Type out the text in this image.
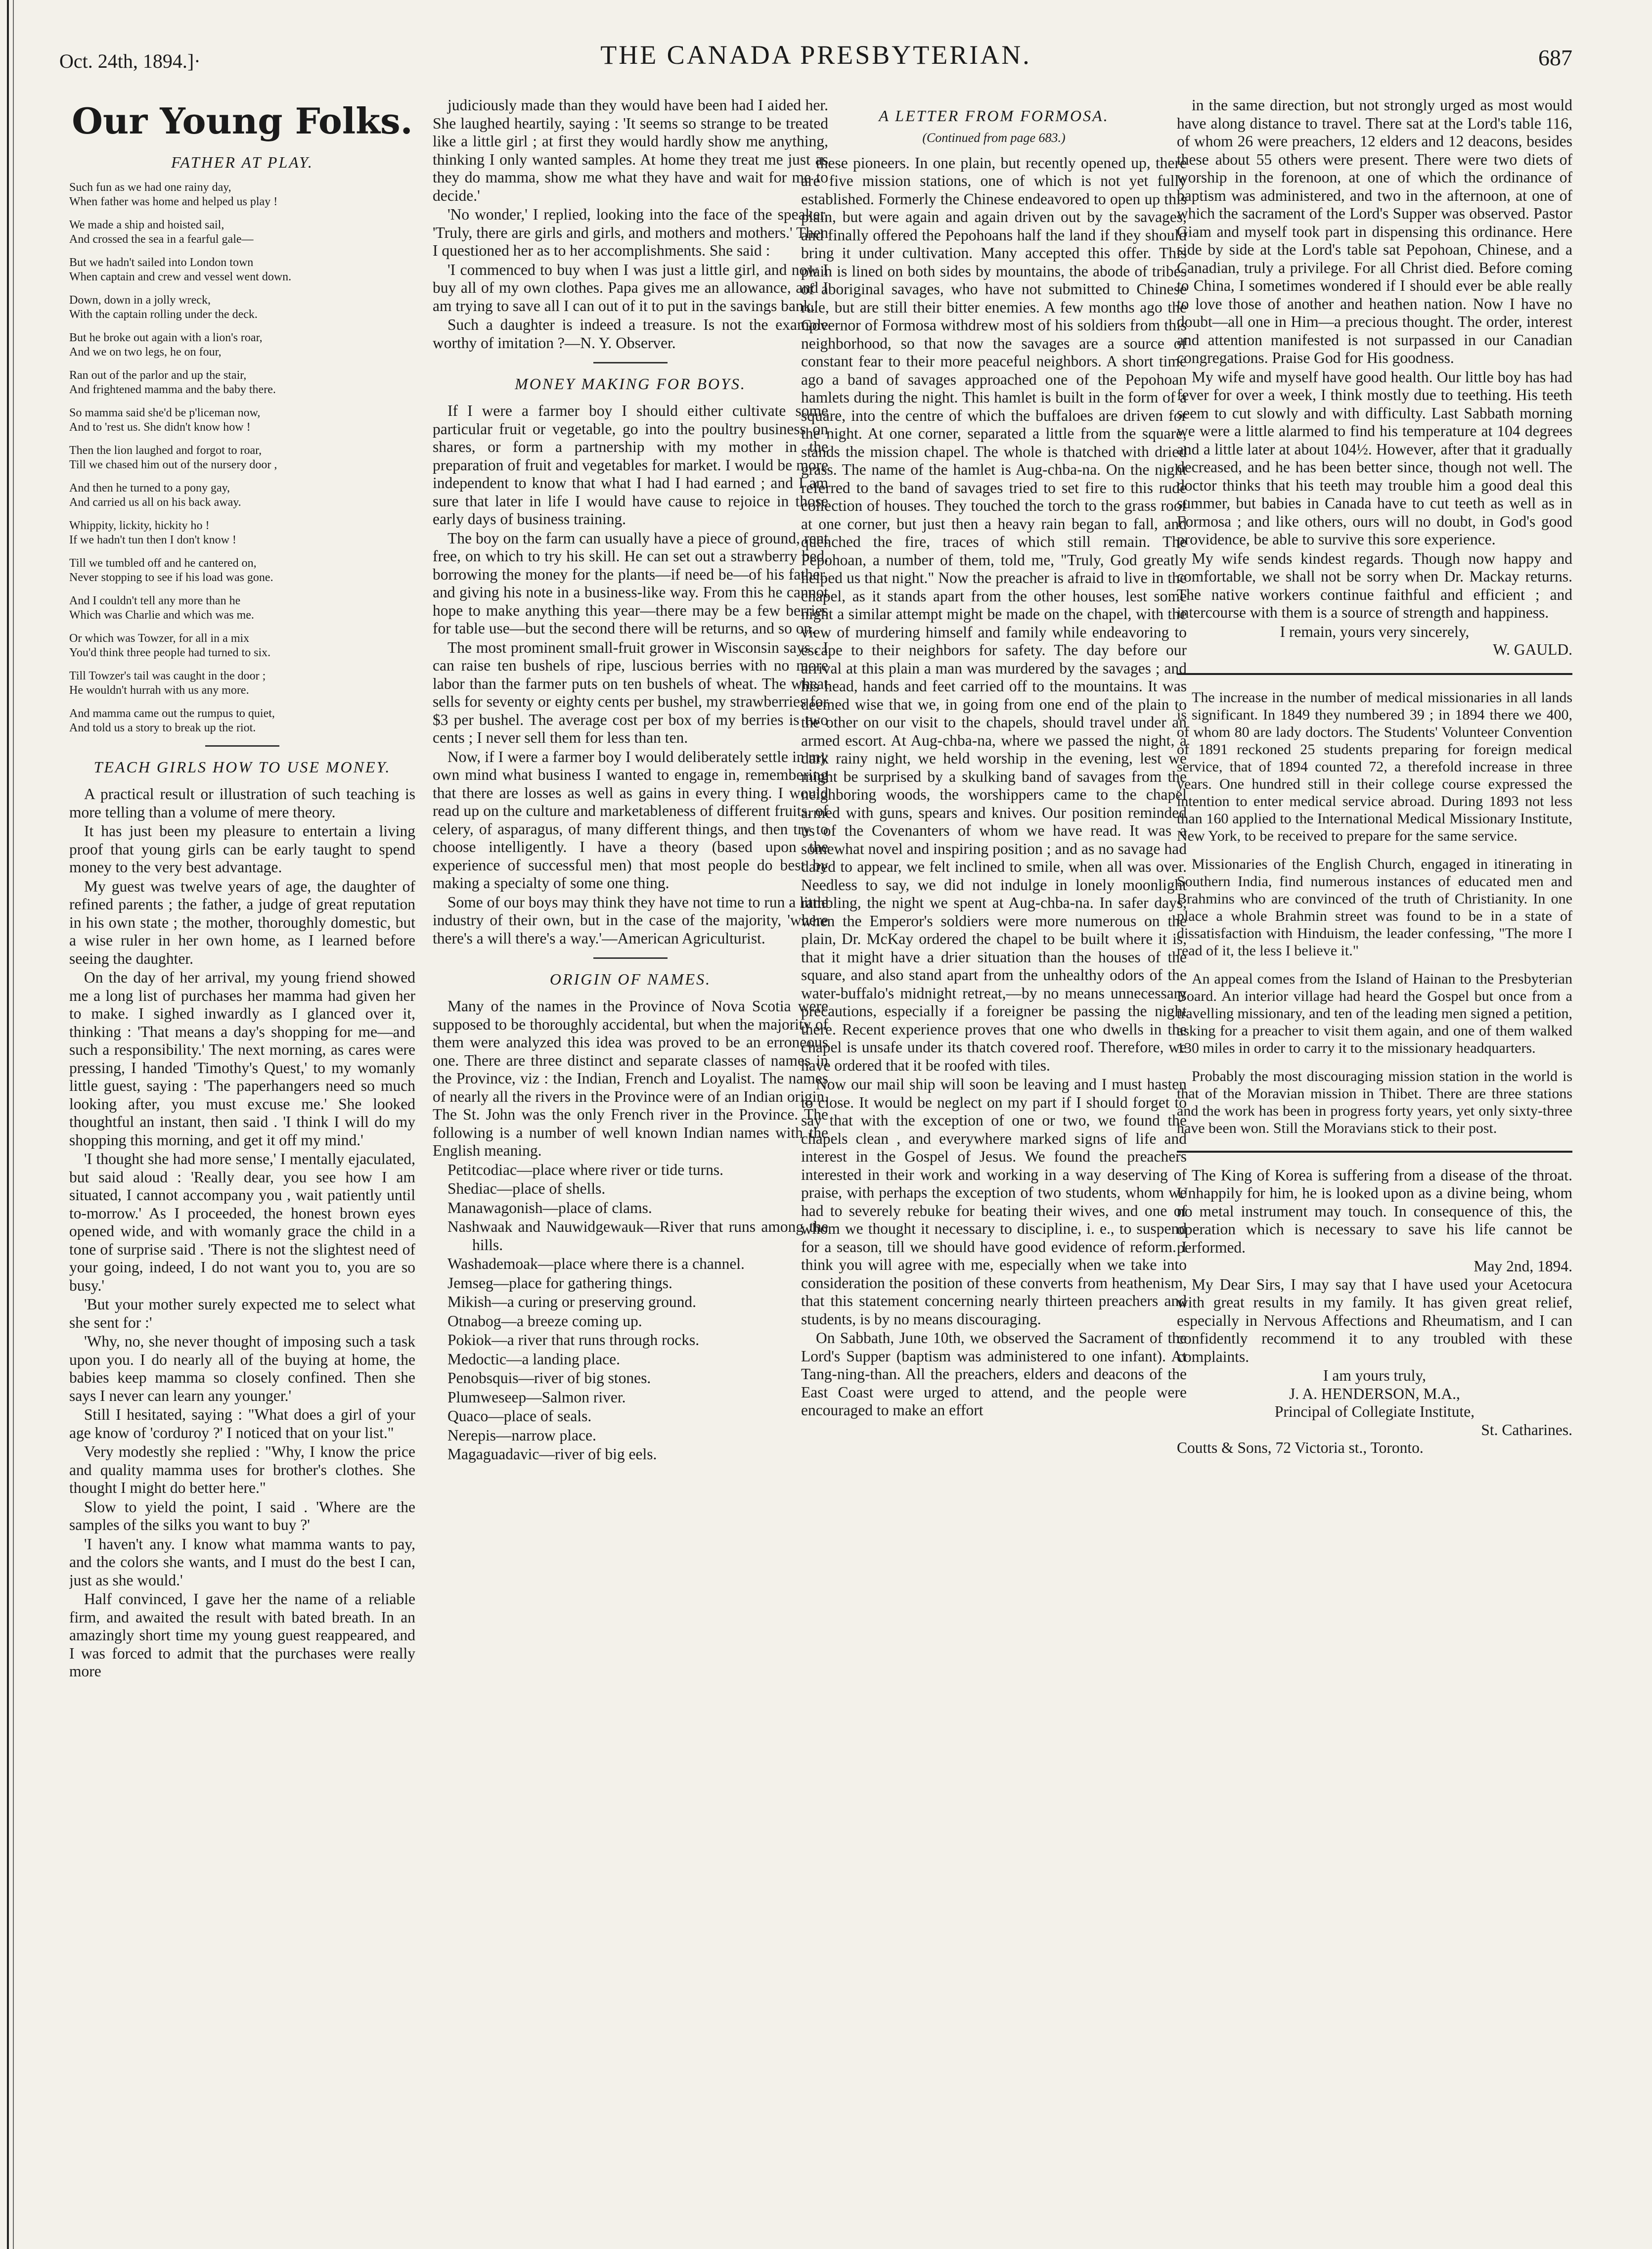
Oct. 24th, 1894.]·	THE CANADA PRESBYTERIAN.	687
Our Young Folks.
FATHER AT PLAY.
Such fun as we had one rainy day,
When father was home and helped us play !
We made a ship and hoisted sail,
And crossed the sea in a fearful gale—
But we hadn't sailed into London town
When captain and crew and vessel went down.
Down, down in a jolly wreck,
With the captain rolling under the deck.
But he broke out again with a lion's roar,
And we on two legs, he on four,
Ran out of the parlor and up the stair,
And frightened mamma and the baby there.
So mamma said she'd be p'liceman now,
And to 'rest us. She didn't know how !
Then the lion laughed and forgot to roar,
Till we chased him out of the nursery door ,
And then he turned to a pony gay,
And carried us all on his back away.
Whippity, lickity, hickity ho !
If we hadn't tun then I don't know !
Till we tumbled off and he cantered on,
Never stopping to see if his load was gone.
And I couldn't tell any more than he
Which was Charlie and which was me.
Or which was Towzer, for all in a mix
You'd think three people had turned to six.
Till Towzer's tail was caught in the door ;
He wouldn't hurrah with us any more.
And mamma came out the rumpus to quiet,
And told us a story to break up the riot.
TEACH GIRLS HOW TO USE MONEY.

A practical result or illustration of such teaching is more telling than a volume of mere theory.

It has just been my pleasure to entertain a living proof that young girls can be early taught to spend money to the very best advantage.

My guest was twelve years of age, the daughter of refined parents ; the father, a judge of great reputation in his own state ; the mother, thoroughly domestic, but a wise ruler in her own home, as I learned before seeing the daughter.

On the day of her arrival, my young friend showed me a long list of purchases her mamma had given her to make. I sighed inwardly as I glanced over it, thinking : 'That means a day's shopping for me—and such a responsibility.' The next morning, as cares were pressing, I handed 'Timothy's Quest,' to my womanly little guest, saying : 'The paperhangers need so much looking after, you must excuse me.' She looked thoughtful an instant, then said . 'I think I will do my shopping this morning, and get it off my mind.'

'I thought she had more sense,' I mentally ejaculated, but said aloud : 'Really dear, you see how I am situated, I cannot accompany you , wait patiently until to-morrow.' As I proceeded, the honest brown eyes opened wide, and with womanly grace the child in a tone of surprise said . 'There is not the slightest need of your going, indeed, I do not want you to, you are so busy.'

'But your mother surely expected me to select what she sent for :'

'Why, no, she never thought of imposing such a task upon you. I do nearly all of the buying at home, the babies keep mamma so closely confined. Then she says I never can learn any younger.'

Still I hesitated, saying : "What does a girl of your age know of 'corduroy ?' I noticed that on your list."

Very modestly she replied : "Why, I know the price and quality mamma uses for brother's clothes. She thought I might do better here."

Slow to yield the point, I said . 'Where are the samples of the silks you want to buy ?'

'I haven't any. I know what mamma wants to pay, and the colors she wants, and I must do the best I can, just as she would.'

Half convinced, I gave her the name of a reliable firm, and awaited the result with bated breath. In an amazingly short time my young guest reappeared, and I was forced to admit that the purchases were really more

judiciously made than they would have been had I aided her. She laughed heartily, saying : 'It seems so strange to be treated like a little girl ; at first they would hardly show me anything, thinking I only wanted samples. At home they treat me just as they do mamma, show me what they have and wait for me to decide.'

'No wonder,' I replied, looking into the face of the speaker. 'Truly, there are girls and girls, and mothers and mothers.' Then I questioned her as to her accomplishments. She said :

'I commenced to buy when I was just a little girl, and now I buy all of my own clothes. Papa gives me an allowance, and I am trying to save all I can out of it to put in the savings bank.'

Such a daughter is indeed a treasure. Is not the example worthy of imitation ?—N. Y. Observer.

MONEY MAKING FOR BOYS.

If I were a farmer boy I should either cultivate some particular fruit or vegetable, go into the poultry business on shares, or form a partnership with my mother in the preparation of fruit and vegetables for market. I would be more independent to know that what I had I had earned ; and I am sure that later in life I would have cause to rejoice in those early days of business training.

The boy on the farm can usually have a piece of ground, rent free, on which to try his skill. He can set out a strawberry bed, borrowing the money for the plants—if need be—of his father, and giving his note in a business-like way. From this he cannot hope to make anything this year—there may be a few berries for table use—but the second there will be returns, and so on.

The most prominent small-fruit grower in Wisconsin says . I can raise ten bushels of ripe, luscious berries with no more labor than the farmer puts on ten bushels of wheat. The wheat sells for seventy or eighty cents per bushel, my strawberries for $3 per bushel. The average cost per box of my berries is two cents ; I never sell them for less than ten.

Now, if I were a farmer boy I would deliberately settle in my own mind what business I wanted to engage in, remembering that there are losses as well as gains in every thing. I would read up on the culture and marketableness of different fruits, of celery, of asparagus, of many different things, and then try to choose intelligently. I have a theory (based upon the experience of successful men) that most people do best by making a specialty of some one thing.

Some of our boys may think they have not time to run a little industry of their own, but in the case of the majority, 'where there's a will there's a way.'—American Agriculturist.

ORIGIN OF NAMES.

Many of the names in the Province of Nova Scotia were supposed to be thoroughly accidental, but when the majority of them were analyzed this idea was proved to be an erroneous one. There are three distinct and separate classes of names in the Province, viz : the Indian, French and Loyalist. The names of nearly all the rivers in the Province were of an Indian origin. The St. John was the only French river in the Province. The following is a number of well known Indian names with the English meaning.

Petitcodiac—place where river or tide turns.

Shediac—place of shells.

Manawagonish—place of clams.

Nashwaak and Nauwidgewauk—River that runs among the hills.

Washademoak—place where there is a channel.

Jemseg—place for gathering things.

Mikish—a curing or preserving ground.

Otnabog—a breeze coming up.

Pokiok—a river that runs through rocks.

Medoctic—a landing place.

Penobsquis—river of big stones.

Plumweseep—Salmon river.

Quaco—place of seals.

Nerepis—narrow place.

Magaguadavic—river of big eels.

A LETTER FROM FORMOSA.
(Continued from page 683.)

these pioneers. In one plain, but recently opened up, there are five mission stations, one of which is not yet fully established. Formerly the Chinese endeavored to open up this plain, but were again and again driven out by the savages, and finally offered the Pepohoans half the land if they should bring it under cultivation. Many accepted this offer. This plain is lined on both sides by mountains, the abode of tribes of aboriginal savages, who have not submitted to Chinese rule, but are still their bitter enemies. A few months ago the Governor of Formosa withdrew most of his soldiers from this neighborhood, so that now the savages are a source of constant fear to their more peaceful neighbors. A short time ago a band of savages approached one of the Pepohoan hamlets during the night. This hamlet is built in the form of a square, into the centre of which the buffaloes are driven for the night. At one corner, separated a little from the square, stands the mission chapel. The whole is thatched with dried grass. The name of the hamlet is Aug-chba-na. On the night referred to the band of savages tried to set fire to this rude collection of houses. They touched the torch to the grass roof at one corner, but just then a heavy rain began to fall, and quenched the fire, traces of which still remain. The Pepohoan, a number of them, told me, "Truly, God greatly helped us that night." Now the preacher is afraid to live in the chapel, as it stands apart from the other houses, lest some night a similar attempt might be made on the chapel, with the view of murdering himself and family while endeavoring to escape to their neighbors for safety. The day before our arrival at this plain a man was murdered by the savages ; and his head, hands and feet carried off to the mountains. It was deemed wise that we, in going from one end of the plain to the other on our visit to the chapels, should travel under an armed escort. At Aug-chba-na, where we passed the night, a dark rainy night, we held worship in the evening, lest we might be surprised by a skulking band of savages from the neighboring woods, the worshippers came to the chapel armed with guns, spears and knives. Our position reminded us of the Covenanters of whom we have read. It was a somewhat novel and inspiring position ; and as no savage had dared to appear, we felt inclined to smile, when all was over. Needless to say, we did not indulge in lonely moonlight rambling, the night we spent at Aug-chba-na. In safer days, when the Emperor's soldiers were more numerous on the plain, Dr. McKay ordered the chapel to be built where it is, that it might have a drier situation than the houses of the square, and also stand apart from the unhealthy odors of the water-buffalo's midnight retreat,—by no means unnecessary precautions, especially if a foreigner be passing the night there. Recent experience proves that one who dwells in the chapel is unsafe under its thatch covered roof. Therefore, we have ordered that it be roofed with tiles.

Now our mail ship will soon be leaving and I must hasten to close. It would be neglect on my part if I should forget to say that with the exception of one or two, we found the chapels clean , and everywhere marked signs of life and interest in the Gospel of Jesus. We found the preachers interested in their work and working in a way deserving of praise, with perhaps the exception of two students, whom we had to severely rebuke for beating their wives, and one of whom we thought it necessary to discipline, i. e., to suspend for a season, till we should have good evidence of reform. I think you will agree with me, especially when we take into consideration the position of these converts from heathenism, that this statement concerning nearly thirteen preachers and students, is by no means discouraging.

On Sabbath, June 10th, we observed the Sacrament of the Lord's Supper (baptism was administered to one infant). At Tang-ning-than. All the preachers, elders and deacons of the East Coast were urged to attend, and the people were encouraged to make an effort

in the same direction, but not strongly urged as most would have along distance to travel. There sat at the Lord's table 116, of whom 26 were preachers, 12 elders and 12 deacons, besides these about 55 others were present. There were two diets of worship in the forenoon, at one of which the ordinance of baptism was administered, and two in the afternoon, at one of which the sacrament of the Lord's Supper was observed. Pastor Giam and myself took part in dispensing this ordinance. Here side by side at the Lord's table sat Pepohoan, Chinese, and a Canadian, truly a privilege. For all Christ died. Before coming to China, I sometimes wondered if I should ever be able really to love those of another and heathen nation. Now I have no doubt—all one in Him—a precious thought. The order, interest and attention manifested is not surpassed in our Canadian congregations. Praise God for His goodness.

My wife and myself have good health. Our little boy has had fever for over a week, I think mostly due to teething. His teeth seem to cut slowly and with difficulty. Last Sabbath morning we were a little alarmed to find his temperature at 104 degrees and a little later at about 104½. However, after that it gradually decreased, and he has been better since, though not well. The doctor thinks that his teeth may trouble him a good deal this summer, but babies in Canada have to cut teeth as well as in Formosa ; and like others, ours will no doubt, in God's good providence, be able to survive this sore experience.

My wife sends kindest regards. Though now happy and comfortable, we shall not be sorry when Dr. Mackay returns. The native workers continue faithful and efficient ; and intercourse with them is a source of strength and happiness.

I remain, yours very sincerely,
W. GAULD.

The increase in the number of medical missionaries in all lands is significant. In 1849 they numbered 39 ; in 1894 there we 400, of whom 80 are lady doctors. The Students' Volunteer Convention of 1891 reckoned 25 students preparing for foreign medical service, that of 1894 counted 72, a therefold increase in three years. One hundred still in their college course expressed the intention to enter medical service abroad. During 1893 not less than 160 applied to the International Medical Missionary Institute, New York, to be received to prepare for the same service.

Missionaries of the English Church, engaged in itinerating in Southern India, find numerous instances of educated men and Brahmins who are convinced of the truth of Christianity. In one place a whole Brahmin street was found to be in a state of dissatisfaction with Hinduism, the leader confessing, "The more I read of it, the less I believe it."

An appeal comes from the Island of Hainan to the Presbyterian Board. An interior village had heard the Gospel but once from a travelling missionary, and ten of the leading men signed a petition, asking for a preacher to visit them again, and one of them walked 130 miles in order to carry it to the missionary headquarters.

Probably the most discouraging mission station in the world is that of the Moravian mission in Thibet. There are three stations and the work has been in progress forty years, yet only sixty-three have been won. Still the Moravians stick to their post.

The King of Korea is suffering from a disease of the throat. Unhappily for him, he is looked upon as a divine being, whom no metal instrument may touch. In consequence of this, the operation which is necessary to save his life cannot be performed.

May 2nd, 1894.

My Dear Sirs, I may say that I have used your Acetocura with great results in my family. It has given great relief, especially in Nervous Affections and Rheumatism, and I can confidently recommend it to any troubled with these complaints.

I am yours truly,
J. A. HENDERSON, M.A.,
Principal of Collegiate Institute,
St. Catharines.
Coutts & Sons, 72 Victoria st., Toronto.
